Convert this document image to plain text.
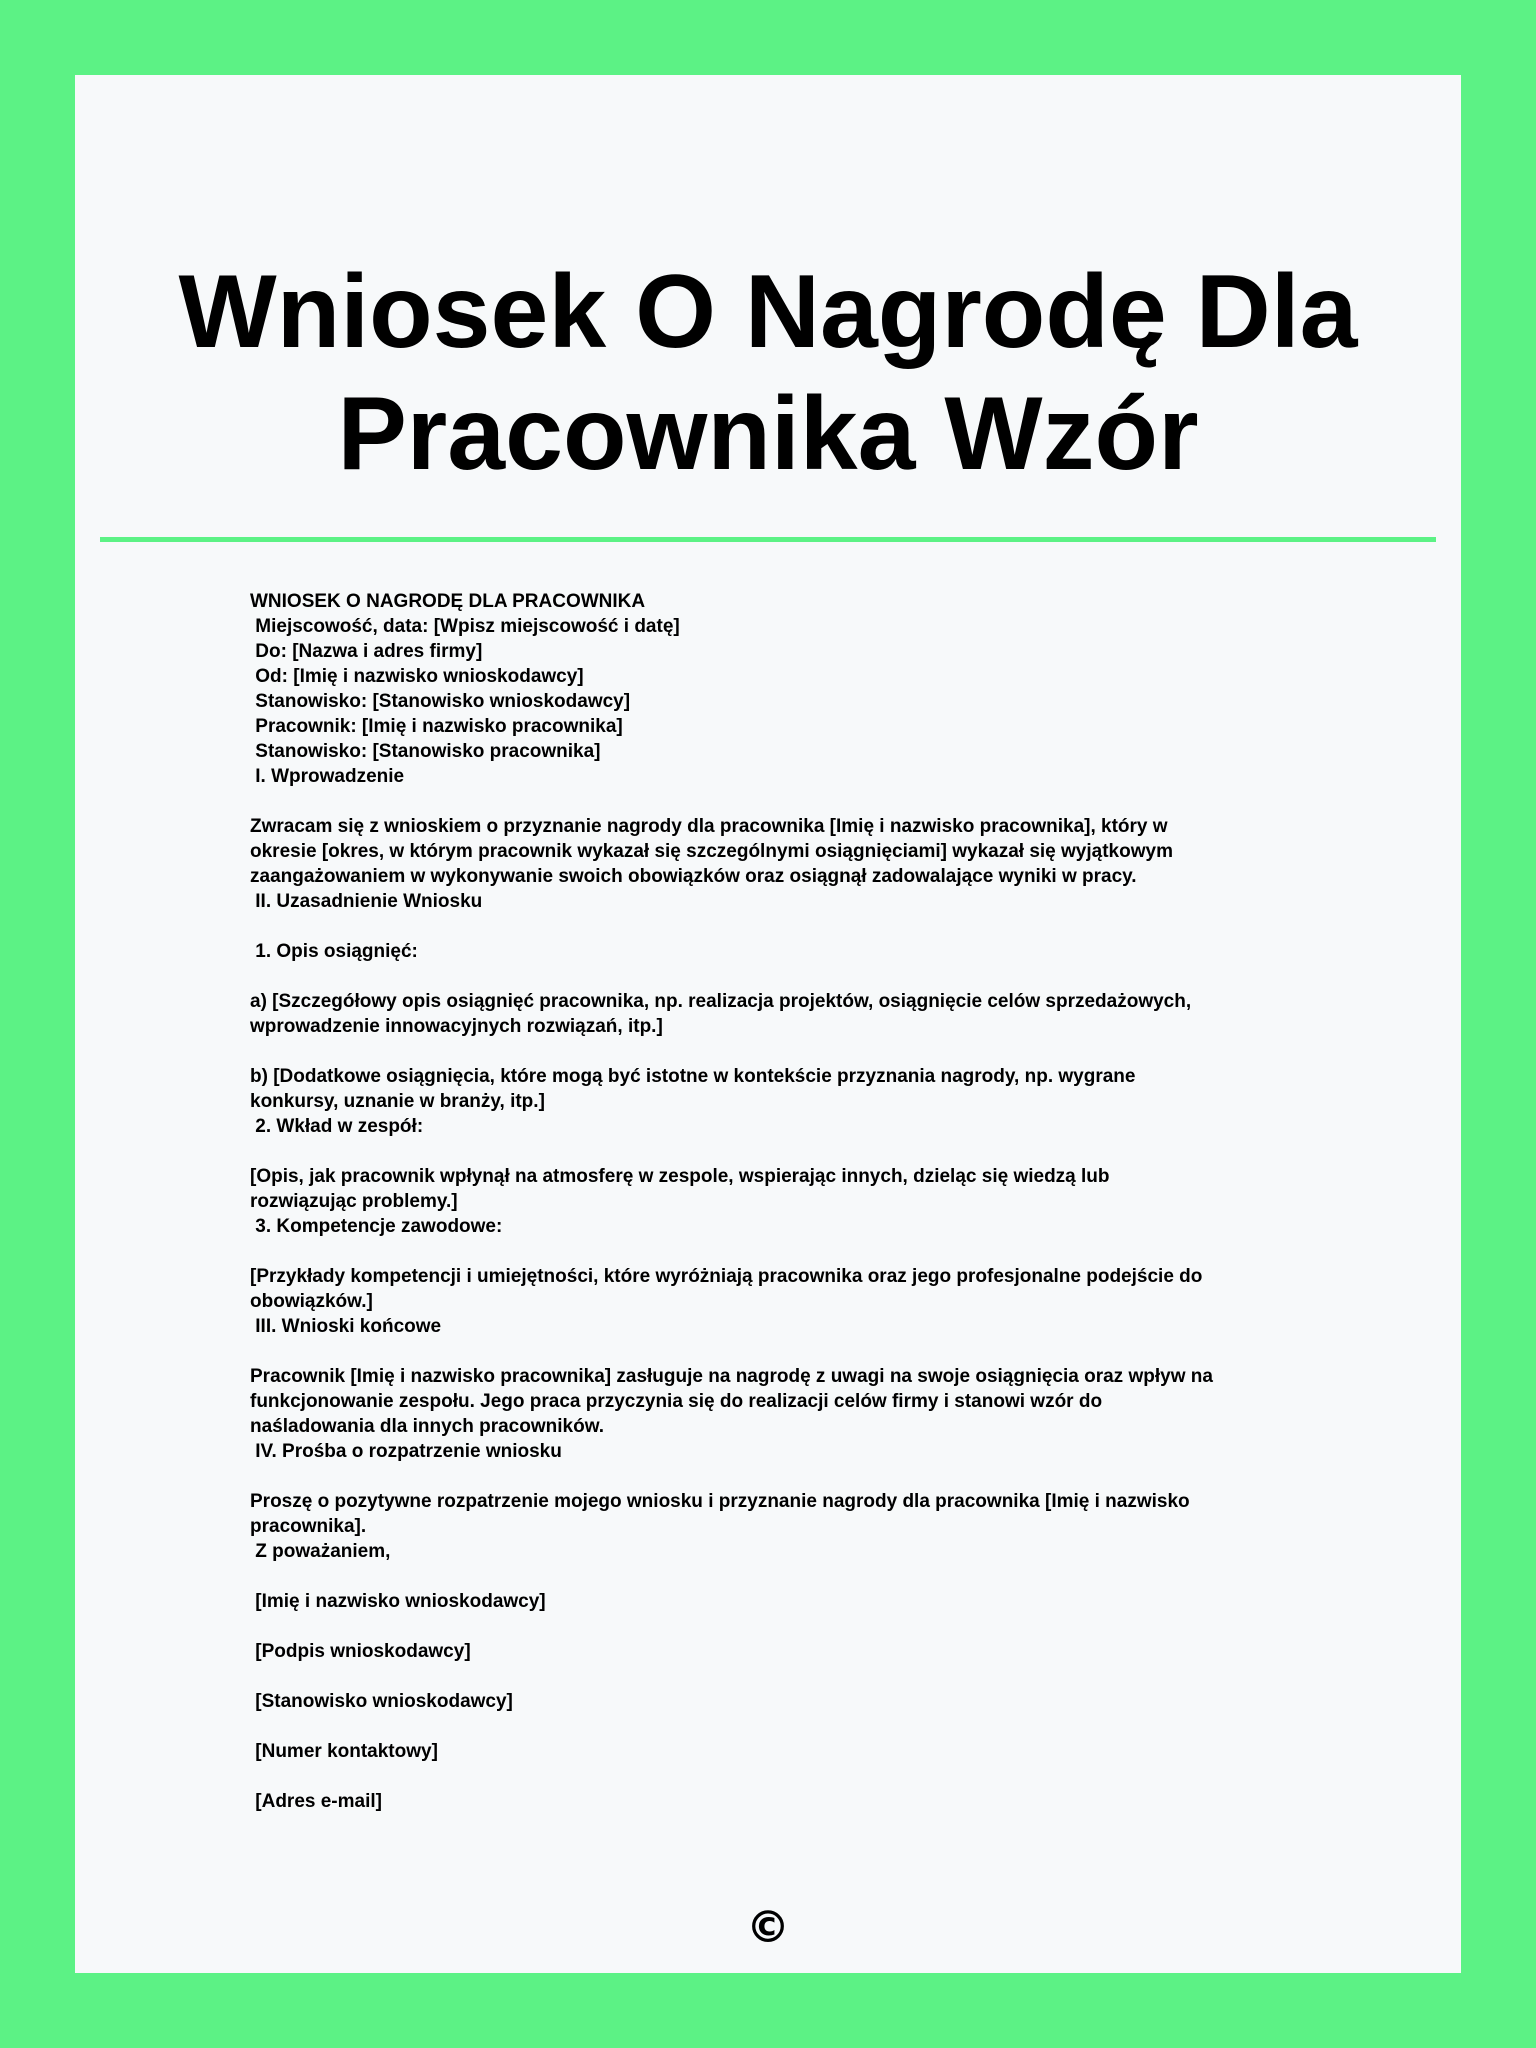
Wniosek O Nagrodę Dla Pracownika Wzór
WNIOSEK O NAGRODĘ DLA PRACOWNIKA
Miejscowość, data: [Wpisz miejscowość i datę]
Do: [Nazwa i adres firmy]
Od: [Imię i nazwisko wnioskodawcy]
Stanowisko: [Stanowisko wnioskodawcy]
Pracownik: [Imię i nazwisko pracownika]
Stanowisko: [Stanowisko pracownika]
I. Wprowadzenie

Zwracam się z wnioskiem o przyznanie nagrody dla pracownika [Imię i nazwisko pracownika], który w
okresie [okres, w którym pracownik wykazał się szczególnymi osiągnięciami] wykazał się wyjątkowym
zaangażowaniem w wykonywanie swoich obowiązków oraz osiągnął zadowalające wyniki w pracy.
II. Uzasadnienie Wniosku

1. Opis osiągnięć:

a) [Szczegółowy opis osiągnięć pracownika, np. realizacja projektów, osiągnięcie celów sprzedażowych,
wprowadzenie innowacyjnych rozwiązań, itp.]

b) [Dodatkowe osiągnięcia, które mogą być istotne w kontekście przyznania nagrody, np. wygrane
konkursy, uznanie w branży, itp.]
2. Wkład w zespół:

[Opis, jak pracownik wpłynął na atmosferę w zespole, wspierając innych, dzieląc się wiedzą lub
rozwiązując problemy.]
3. Kompetencje zawodowe:

[Przykłady kompetencji i umiejętności, które wyróżniają pracownika oraz jego profesjonalne podejście do
obowiązków.]
III. Wnioski końcowe

Pracownik [Imię i nazwisko pracownika] zasługuje na nagrodę z uwagi na swoje osiągnięcia oraz wpływ na
funkcjonowanie zespołu. Jego praca przyczynia się do realizacji celów firmy i stanowi wzór do
naśladowania dla innych pracowników.
IV. Prośba o rozpatrzenie wniosku

Proszę o pozytywne rozpatrzenie mojego wniosku i przyznanie nagrody dla pracownika [Imię i nazwisko
pracownika].
Z poważaniem,

[Imię i nazwisko wnioskodawcy]

[Podpis wnioskodawcy]

[Stanowisko wnioskodawcy]

[Numer kontaktowy]

[Adres e-mail]
©
